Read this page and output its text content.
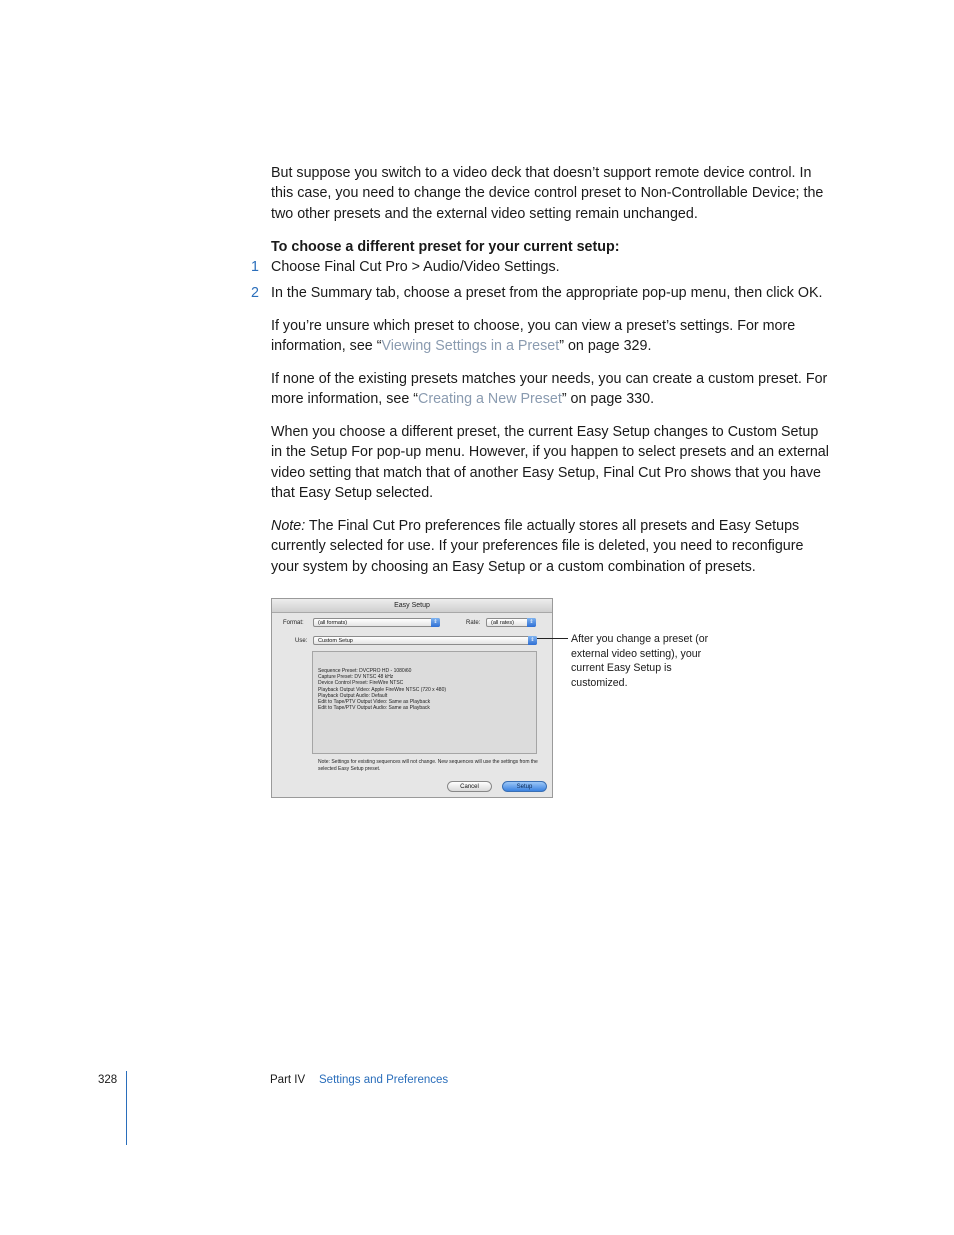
But suppose you switch to a video deck that doesn’t support remote device control. In this case, you need to change the device control preset to Non-Controllable Device; the two other presets and the external video setting remain unchanged.

To choose a different preset for your current setup:
1 Choose Final Cut Pro > Audio/Video Settings.
2 In the Summary tab, choose a preset from the appropriate pop-up menu, then click OK.

If you’re unsure which preset to choose, you can view a preset’s settings. For more information, see “Viewing Settings in a Preset” on page 329.

If none of the existing presets matches your needs, you can create a custom preset. For more information, see “Creating a New Preset” on page 330.

When you choose a different preset, the current Easy Setup changes to Custom Setup in the Setup For pop-up menu. However, if you happen to select presets and an external video setting that match that of another Easy Setup, Final Cut Pro shows that you have that Easy Setup selected.

Note: The Final Cut Pro preferences file actually stores all presets and Easy Setups currently selected for use. If your preferences file is deleted, you need to reconfigure your system by choosing an Easy Setup or a custom combination of presets.

Easy Setup
Format:	(all formats)	⇕	Rate:	(all rates)	⇕
Use:	Custom Setup	⇕
Sequence Preset: DVCPRO HD - 1080i60
Capture Preset: DV NTSC 48 kHz
Device Control Preset: FireWire NTSC
Playback Output Video: Apple FireWire NTSC (720 x 480)
Playback Output Audio: Default
Edit to Tape/PTV Output Video: Same as Playback
Edit to Tape/PTV Output Audio: Same as Playback
Note: Settings for existing sequences will not change. New sequences will use the settings from the selected Easy Setup preset.
Cancel	Setup
After you change a preset (or external video setting), your current Easy Setup is customized.
328	Part IV Settings and Preferences
